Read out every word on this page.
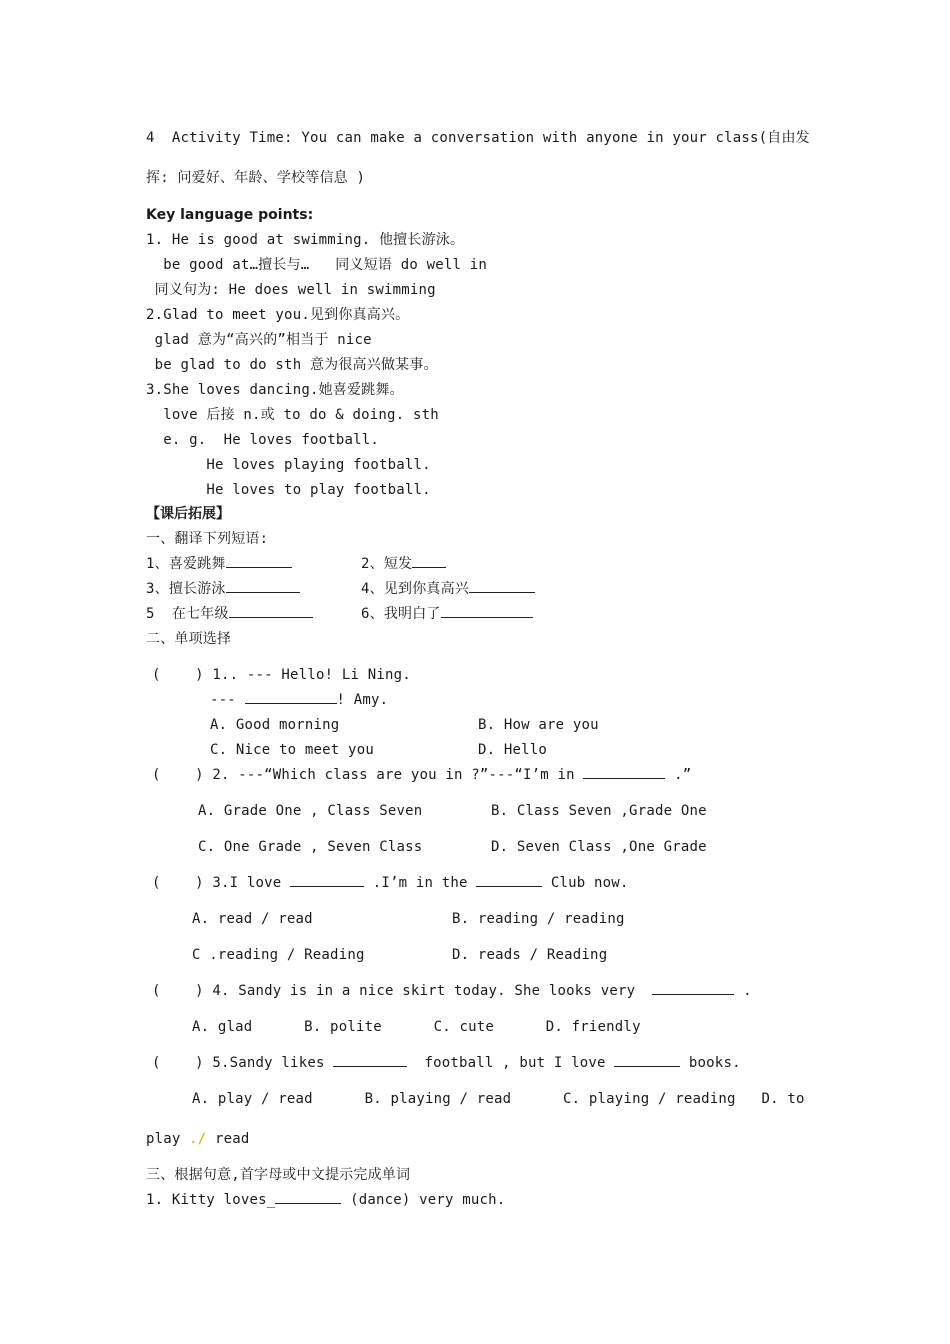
4  Activity Time: You can make a conversation with anyone in your class(自由发
挥: 问爱好、年龄、学校等信息 )
Key language points:
1. He is good at swimming. 他擅长游泳。
be good at…擅长与…   同义短语 do well in
同义句为: He does well in swimming
2.Glad to meet you.见到你真高兴。
glad 意为“高兴的”相当于 nice
be glad to do sth 意为很高兴做某事。
3.She loves dancing.她喜爱跳舞。
love 后接 n.或 to do & doing. sth
e. g.  He loves football.
He loves playing football.
He loves to play football.
【课后拓展】
一、翻译下列短语:
1、喜爱跳舞	2、短发
3、擅长游泳	4、见到你真高兴
5  在七年级	6、我明白了
二、单项选择
(    ) 1.. --- Hello! Li Ning.
---	! Amy.
A. Good morning	B. How are you
C. Nice to meet you	D. Hello
(    ) 2. ---“Which class are you in ?”---“I’m in	.”
A. Grade One , Class Seven	B. Class Seven ,Grade One
C. One Grade , Seven Class	D. Seven Class ,One Grade
(    ) 3.I love	.I’m in the	Club now.
A. read / read	B. reading / reading
C .reading / Reading	D. reads / Reading
(    ) 4. Sandy is in a nice skirt today. She looks very	.
A. glad      B. polite      C. cute      D. friendly
(    ) 5.Sandy likes	football , but I love	books.
A. play / read      B. playing / read      C. playing / reading   D. to
play ./ read
三、根据句意,首字母或中文提示完成单词
1. Kitty loves_	(dance) very much.
